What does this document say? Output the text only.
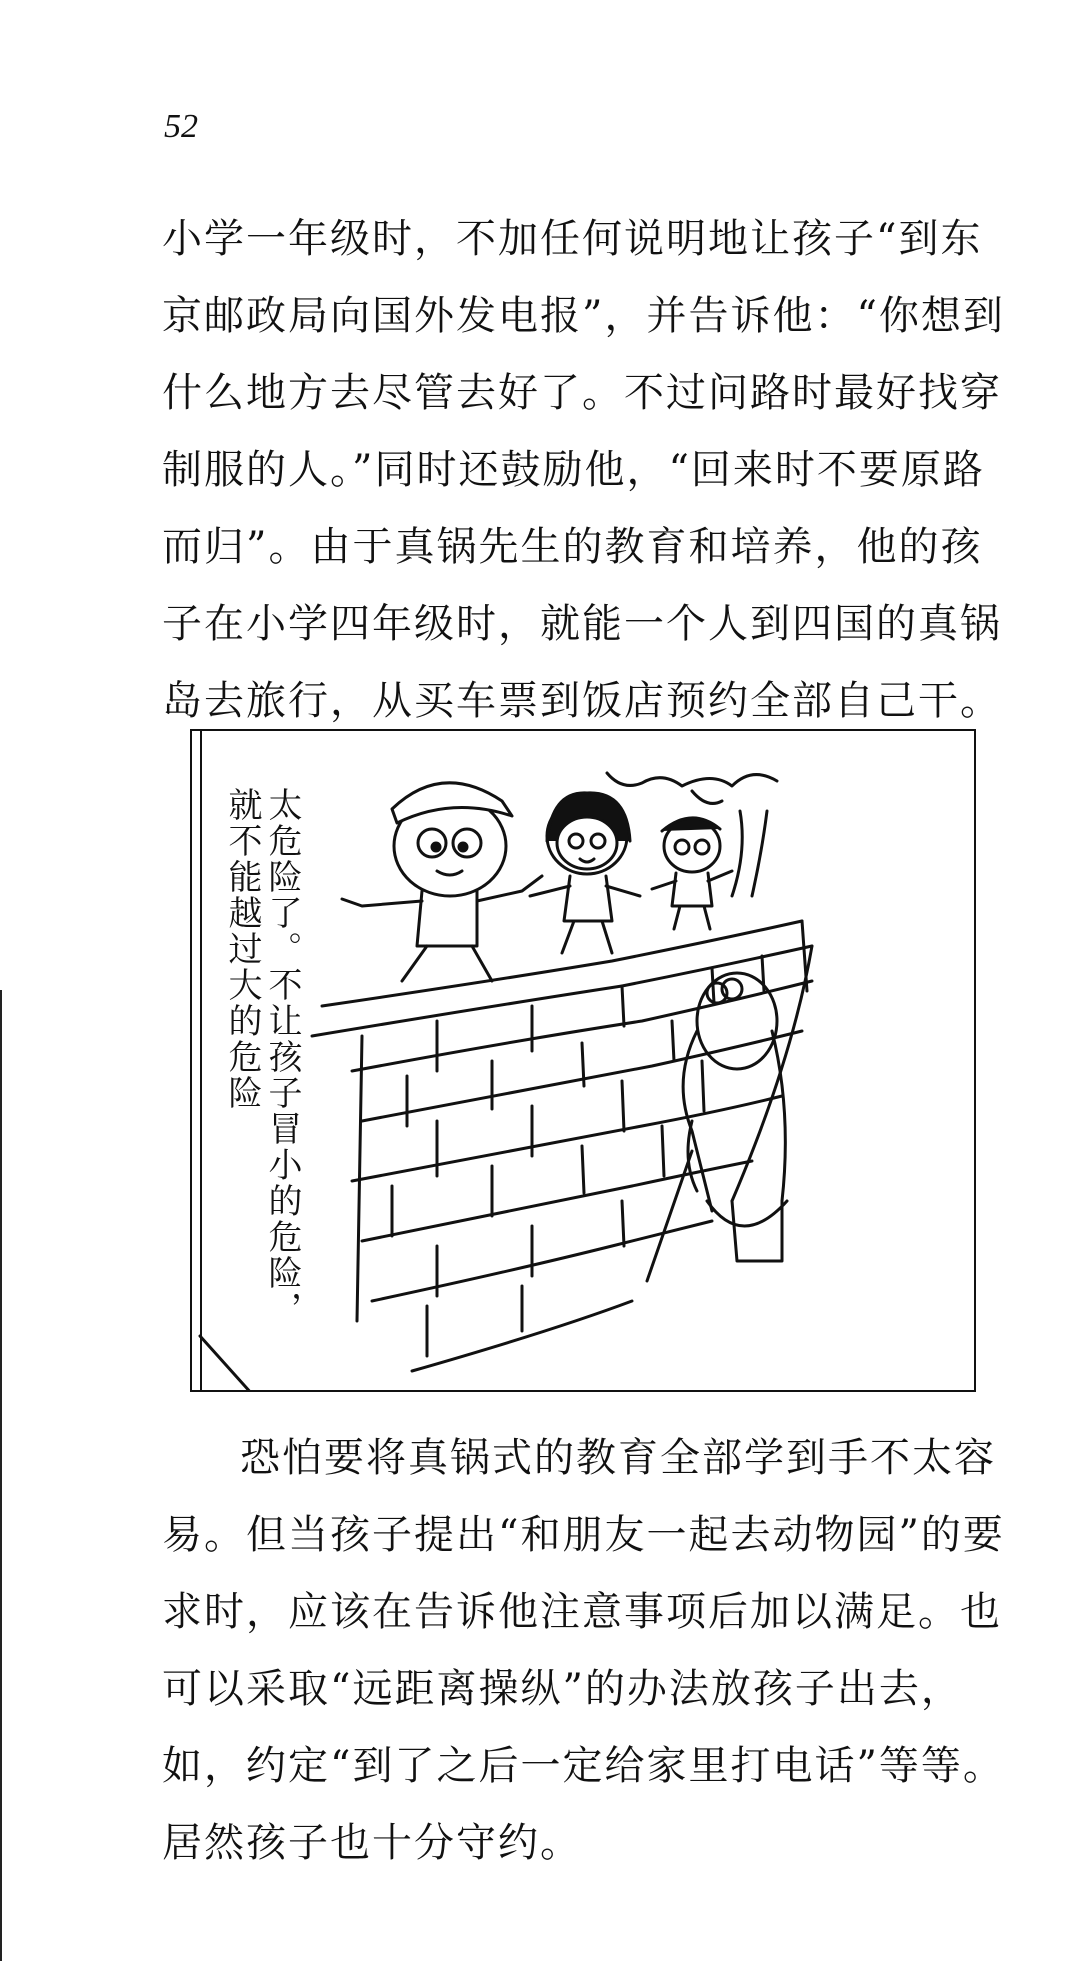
52

小学一年级时，不加任何说明地让孩子“到东京邮政局向国外发电报”，并告诉他：“你想到什么地方去尽管去好了。不过问路时最好找穿制服的人。”同时还鼓励他，“回来时不要原路而归”。由于真锅先生的教育和培养，他的孩子在小学四年级时，就能一个人到四国的真锅岛去旅行，从买车票到饭店预约全部自己干。

太危险了。不让孩子冒小的危险，就不能越过大的危险

恐怕要将真锅式的教育全部学到手不太容易。但当孩子提出“和朋友一起去动物园”的要求时，应该在告诉他注意事项后加以满足。也可以采取“远距离操纵”的办法放孩子出去，如，约定“到了之后一定给家里打电话”等等。居然孩子也十分守约。
